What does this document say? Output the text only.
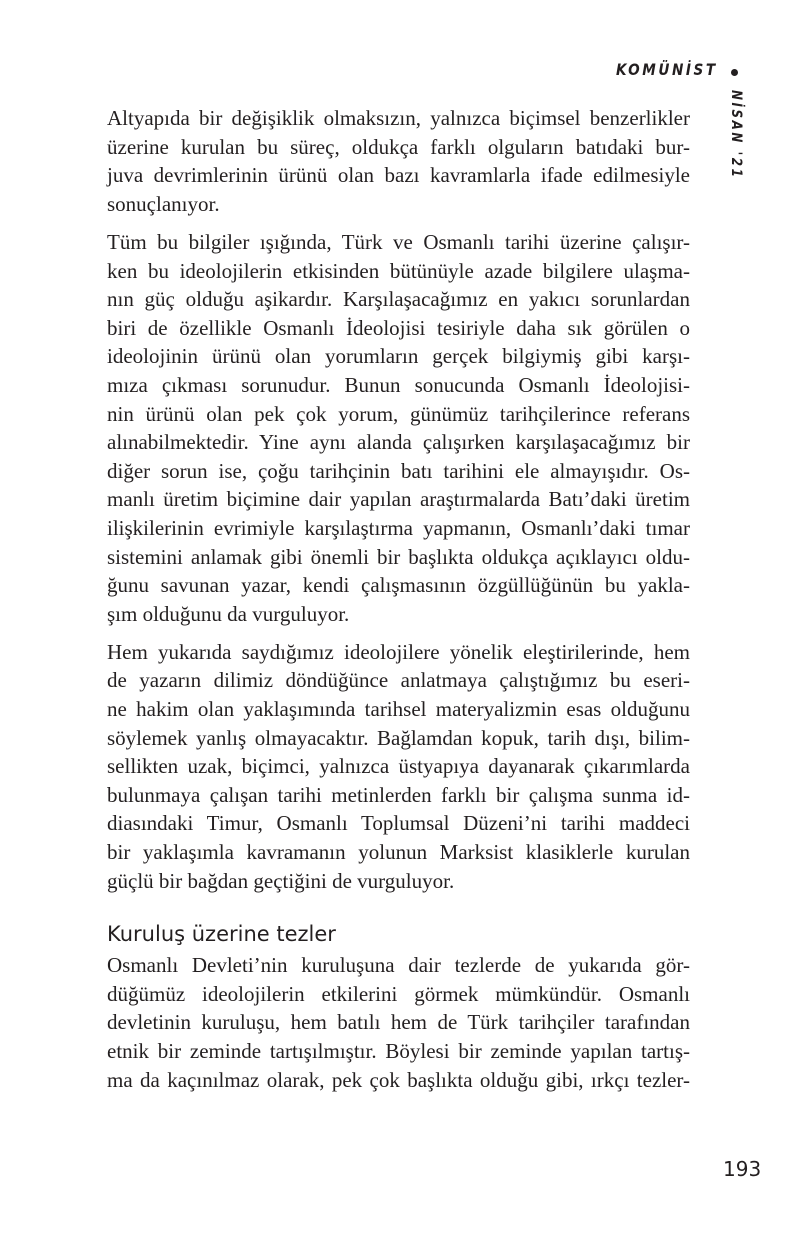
KOMÜNİST
NİSAN '21
Altyapıda bir değişiklik olmaksızın, yalnızca biçimsel benzerlikler
üzerine kurulan bu süreç, oldukça farklı olguların batıdaki bur-
juva devrimlerinin ürünü olan bazı kavramlarla ifade edilmesiyle
sonuçlanıyor.
Tüm bu bilgiler ışığında, Türk ve Osmanlı tarihi üzerine çalışır-
ken bu ideolojilerin etkisinden bütünüyle azade bilgilere ulaşma-
nın güç olduğu aşikardır. Karşılaşacağımız en yakıcı sorunlardan
biri de özellikle Osmanlı İdeolojisi tesiriyle daha sık görülen o
ideolojinin ürünü olan yorumların gerçek bilgiymiş gibi karşı-
mıza çıkması sorunudur. Bunun sonucunda Osmanlı İdeolojisi-
nin ürünü olan pek çok yorum, günümüz tarihçilerince referans
alınabilmektedir. Yine aynı alanda çalışırken karşılaşacağımız bir
diğer sorun ise, çoğu tarihçinin batı tarihini ele almayışıdır. Os-
manlı üretim biçimine dair yapılan araştırmalarda Batı’daki üretim
ilişkilerinin evrimiyle karşılaştırma yapmanın, Osmanlı’daki tımar
sistemini anlamak gibi önemli bir başlıkta oldukça açıklayıcı oldu-
ğunu savunan yazar, kendi çalışmasının özgüllüğünün bu yakla-
şım olduğunu da vurguluyor.
Hem yukarıda saydığımız ideolojilere yönelik eleştirilerinde, hem
de yazarın dilimiz döndüğünce anlatmaya çalıştığımız bu eseri-
ne hakim olan yaklaşımında tarihsel materyalizmin esas olduğunu
söylemek yanlış olmayacaktır. Bağlamdan kopuk, tarih dışı, bilim-
sellikten uzak, biçimci, yalnızca üstyapıya dayanarak çıkarımlarda
bulunmaya çalışan tarihi metinlerden farklı bir çalışma sunma id-
diasındaki Timur, Osmanlı Toplumsal Düzeni’ni tarihi maddeci
bir yaklaşımla kavramanın yolunun Marksist klasiklerle kurulan
güçlü bir bağdan geçtiğini de vurguluyor.
Kuruluş üzerine tezler
Osmanlı Devleti’nin kuruluşuna dair tezlerde de yukarıda gör-
düğümüz ideolojilerin etkilerini görmek mümkündür. Osmanlı
devletinin kuruluşu, hem batılı hem de Türk tarihçiler tarafından
etnik bir zeminde tartışılmıştır. Böylesi bir zeminde yapılan tartış-
ma da kaçınılmaz olarak, pek çok başlıkta olduğu gibi, ırkçı tezler-
193
